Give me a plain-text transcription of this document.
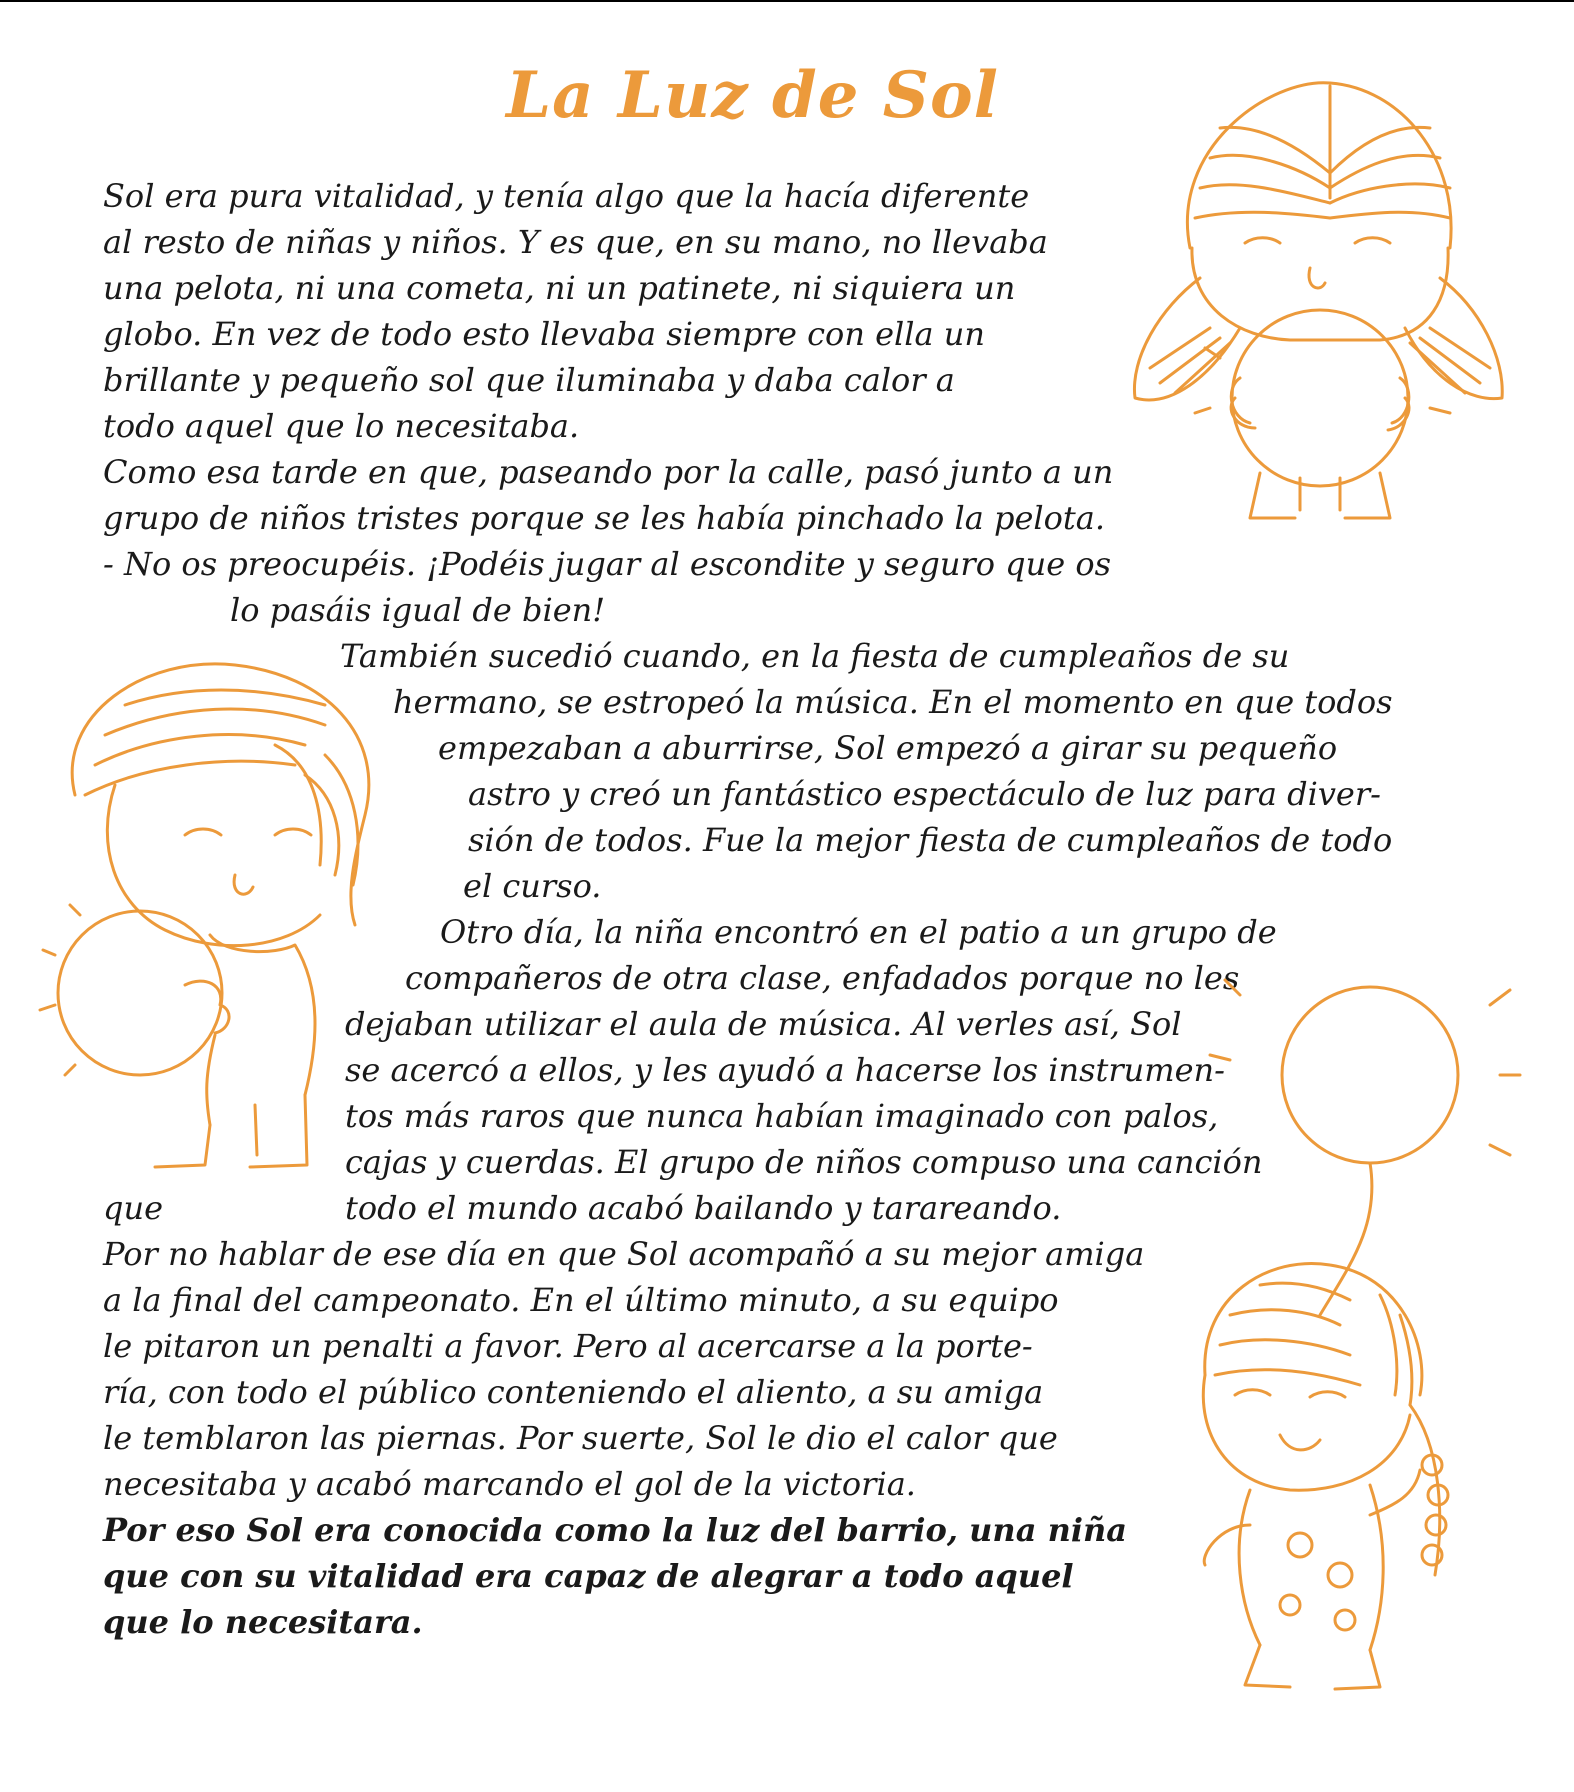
La Luz de Sol
Sol era pura vitalidad, y tenía algo que la hacía diferente
al resto de niñas y niños. Y es que, en su mano, no llevaba
una pelota, ni una cometa, ni un patinete, ni siquiera un
globo. En vez de todo esto llevaba siempre con ella un
brillante y pequeño sol que iluminaba y daba calor a
todo aquel que lo necesitaba.
Como esa tarde en que, paseando por la calle, pasó junto a un
grupo de niños tristes porque se les había pinchado la pelota.
- No os preocupéis. ¡Podéis jugar al escondite y seguro que os
lo pasáis igual de bien!
También sucedió cuando, en la fiesta de cumpleaños de su
hermano, se estropeó la música. En el momento en que todos
empezaban a aburrirse, Sol empezó a girar su pequeño
astro y creó un fantástico espectáculo de luz para diver-
sión de todos. Fue la mejor fiesta de cumpleaños de todo
el curso.
Otro día, la niña encontró en el patio a un grupo de
compañeros de otra clase, enfadados porque no les
dejaban utilizar el aula de música. Al verles así, Sol
se acercó a ellos, y les ayudó a hacerse los instrumen-
tos más raros que nunca habían imaginado con palos,
cajas y cuerdas. El grupo de niños compuso una canción
que	todo el mundo acabó bailando y tarareando.
Por no hablar de ese día en que Sol acompañó a su mejor amiga
a la final del campeonato. En el último minuto, a su equipo
le pitaron un penalti a favor. Pero al acercarse a la porte-
ría, con todo el público conteniendo el aliento, a su amiga
le temblaron las piernas. Por suerte, Sol le dio el calor que
necesitaba y acabó marcando el gol de la victoria.
Por eso Sol era conocida como la luz del barrio, una niña
que con su vitalidad era capaz de alegrar a todo aquel
que lo necesitara.
